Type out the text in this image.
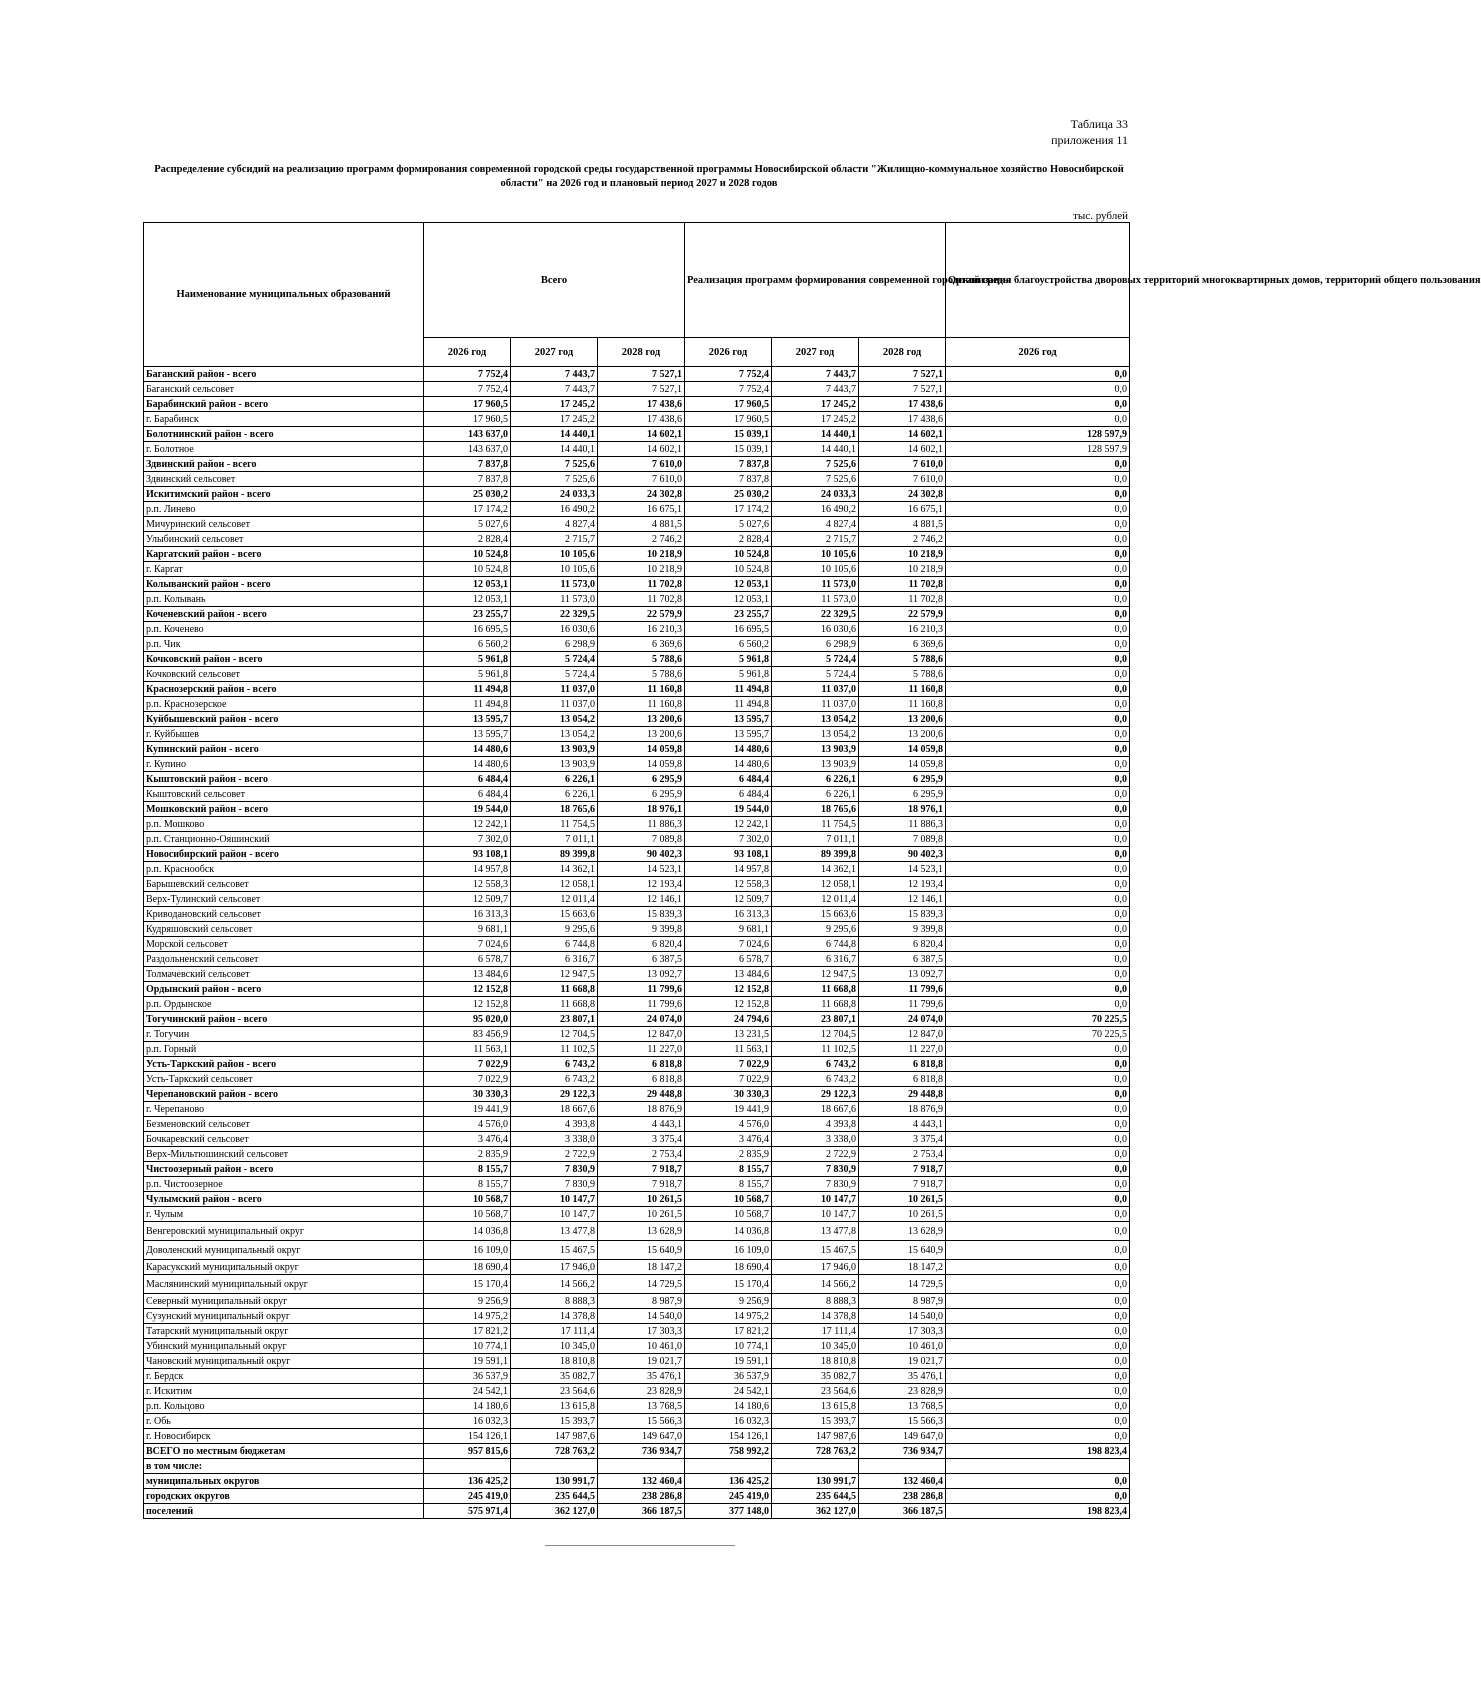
Таблица 33
приложения 11
Распределение субсидий на реализацию программ формирования современной городской среды государственной программы Новосибирской области "Жилищно-коммунальное хозяйство Новосибирской области" на 2026 год и плановый период 2027 и 2028 годов
тыс. рублей
Наименование муниципальных образований	Всего			Реализация программ формирования современной городской среды			Организация благоустройства дворовых территорий многоквартирных домов, территорий общего пользования
	2026 год	2027 год	2028 год	2026 год	2027 год	2028 год	2026 год
Баганский район - всего	7 752,4	7 443,7	7 527,1	7 752,4	7 443,7	7 527,1	0,0
Баганский сельсовет	7 752,4	7 443,7	7 527,1	7 752,4	7 443,7	7 527,1	0,0
Барабинский район - всего	17 960,5	17 245,2	17 438,6	17 960,5	17 245,2	17 438,6	0,0
г. Барабинск	17 960,5	17 245,2	17 438,6	17 960,5	17 245,2	17 438,6	0,0
Болотнинский район - всего	143 637,0	14 440,1	14 602,1	15 039,1	14 440,1	14 602,1	128 597,9
г. Болотное	143 637,0	14 440,1	14 602,1	15 039,1	14 440,1	14 602,1	128 597,9
Здвинский район - всего	7 837,8	7 525,6	7 610,0	7 837,8	7 525,6	7 610,0	0,0
Здвинский сельсовет	7 837,8	7 525,6	7 610,0	7 837,8	7 525,6	7 610,0	0,0
Искитимский район - всего	25 030,2	24 033,3	24 302,8	25 030,2	24 033,3	24 302,8	0,0
р.п. Линево	17 174,2	16 490,2	16 675,1	17 174,2	16 490,2	16 675,1	0,0
Мичуринский сельсовет	5 027,6	4 827,4	4 881,5	5 027,6	4 827,4	4 881,5	0,0
Улыбинский сельсовет	2 828,4	2 715,7	2 746,2	2 828,4	2 715,7	2 746,2	0,0
Каргатский район - всего	10 524,8	10 105,6	10 218,9	10 524,8	10 105,6	10 218,9	0,0
г. Каргат	10 524,8	10 105,6	10 218,9	10 524,8	10 105,6	10 218,9	0,0
Колыванский район - всего	12 053,1	11 573,0	11 702,8	12 053,1	11 573,0	11 702,8	0,0
р.п. Колывань	12 053,1	11 573,0	11 702,8	12 053,1	11 573,0	11 702,8	0,0
Коченевский район - всего	23 255,7	22 329,5	22 579,9	23 255,7	22 329,5	22 579,9	0,0
р.п. Коченево	16 695,5	16 030,6	16 210,3	16 695,5	16 030,6	16 210,3	0,0
р.п. Чик	6 560,2	6 298,9	6 369,6	6 560,2	6 298,9	6 369,6	0,0
Кочковский район - всего	5 961,8	5 724,4	5 788,6	5 961,8	5 724,4	5 788,6	0,0
Кочковский сельсовет	5 961,8	5 724,4	5 788,6	5 961,8	5 724,4	5 788,6	0,0
Краснозерский район - всего	11 494,8	11 037,0	11 160,8	11 494,8	11 037,0	11 160,8	0,0
р.п. Краснозерское	11 494,8	11 037,0	11 160,8	11 494,8	11 037,0	11 160,8	0,0
Куйбышевский район - всего	13 595,7	13 054,2	13 200,6	13 595,7	13 054,2	13 200,6	0,0
г. Куйбышев	13 595,7	13 054,2	13 200,6	13 595,7	13 054,2	13 200,6	0,0
Купинский район - всего	14 480,6	13 903,9	14 059,8	14 480,6	13 903,9	14 059,8	0,0
г. Купино	14 480,6	13 903,9	14 059,8	14 480,6	13 903,9	14 059,8	0,0
Кыштовский район - всего	6 484,4	6 226,1	6 295,9	6 484,4	6 226,1	6 295,9	0,0
Кыштовский сельсовет	6 484,4	6 226,1	6 295,9	6 484,4	6 226,1	6 295,9	0,0
Мошковский район - всего	19 544,0	18 765,6	18 976,1	19 544,0	18 765,6	18 976,1	0,0
р.п. Мошково	12 242,1	11 754,5	11 886,3	12 242,1	11 754,5	11 886,3	0,0
р.п. Станционно-Ояшинский	7 302,0	7 011,1	7 089,8	7 302,0	7 011,1	7 089,8	0,0
Новосибирский район - всего	93 108,1	89 399,8	90 402,3	93 108,1	89 399,8	90 402,3	0,0
р.п. Краснообск	14 957,8	14 362,1	14 523,1	14 957,8	14 362,1	14 523,1	0,0
Барышевский сельсовет	12 558,3	12 058,1	12 193,4	12 558,3	12 058,1	12 193,4	0,0
Верх-Тулинский сельсовет	12 509,7	12 011,4	12 146,1	12 509,7	12 011,4	12 146,1	0,0
Криводановский сельсовет	16 313,3	15 663,6	15 839,3	16 313,3	15 663,6	15 839,3	0,0
Кудряшовский сельсовет	9 681,1	9 295,6	9 399,8	9 681,1	9 295,6	9 399,8	0,0
Морской сельсовет	7 024,6	6 744,8	6 820,4	7 024,6	6 744,8	6 820,4	0,0
Раздольненский сельсовет	6 578,7	6 316,7	6 387,5	6 578,7	6 316,7	6 387,5	0,0
Толмачевский сельсовет	13 484,6	12 947,5	13 092,7	13 484,6	12 947,5	13 092,7	0,0
Ордынский район - всего	12 152,8	11 668,8	11 799,6	12 152,8	11 668,8	11 799,6	0,0
р.п. Ордынское	12 152,8	11 668,8	11 799,6	12 152,8	11 668,8	11 799,6	0,0
Тогучинский район - всего	95 020,0	23 807,1	24 074,0	24 794,6	23 807,1	24 074,0	70 225,5
г. Тогучин	83 456,9	12 704,5	12 847,0	13 231,5	12 704,5	12 847,0	70 225,5
р.п. Горный	11 563,1	11 102,5	11 227,0	11 563,1	11 102,5	11 227,0	0,0
Усть-Таркский район - всего	7 022,9	6 743,2	6 818,8	7 022,9	6 743,2	6 818,8	0,0
Усть-Таркский сельсовет	7 022,9	6 743,2	6 818,8	7 022,9	6 743,2	6 818,8	0,0
Черепановский район - всего	30 330,3	29 122,3	29 448,8	30 330,3	29 122,3	29 448,8	0,0
г. Черепаново	19 441,9	18 667,6	18 876,9	19 441,9	18 667,6	18 876,9	0,0
Безменовский сельсовет	4 576,0	4 393,8	4 443,1	4 576,0	4 393,8	4 443,1	0,0
Бочкаревский сельсовет	3 476,4	3 338,0	3 375,4	3 476,4	3 338,0	3 375,4	0,0
Верх-Мильтюшинский сельсовет	2 835,9	2 722,9	2 753,4	2 835,9	2 722,9	2 753,4	0,0
Чистоозерный район - всего	8 155,7	7 830,9	7 918,7	8 155,7	7 830,9	7 918,7	0,0
р.п. Чистоозерное	8 155,7	7 830,9	7 918,7	8 155,7	7 830,9	7 918,7	0,0
Чулымский район - всего	10 568,7	10 147,7	10 261,5	10 568,7	10 147,7	10 261,5	0,0
г. Чулым	10 568,7	10 147,7	10 261,5	10 568,7	10 147,7	10 261,5	0,0
Венгеровский муниципальный округ	14 036,8	13 477,8	13 628,9	14 036,8	13 477,8	13 628,9	0,0
Доволенский муниципальный округ	16 109,0	15 467,5	15 640,9	16 109,0	15 467,5	15 640,9	0,0
Карасукский муниципальный округ	18 690,4	17 946,0	18 147,2	18 690,4	17 946,0	18 147,2	0,0
Маслянинский муниципальный округ	15 170,4	14 566,2	14 729,5	15 170,4	14 566,2	14 729,5	0,0
Северный муниципальный округ	9 256,9	8 888,3	8 987,9	9 256,9	8 888,3	8 987,9	0,0
Сузунский муниципальный округ	14 975,2	14 378,8	14 540,0	14 975,2	14 378,8	14 540,0	0,0
Татарский муниципальный округ	17 821,2	17 111,4	17 303,3	17 821,2	17 111,4	17 303,3	0,0
Убинский муниципальный округ	10 774,1	10 345,0	10 461,0	10 774,1	10 345,0	10 461,0	0,0
Чановский муниципальный округ	19 591,1	18 810,8	19 021,7	19 591,1	18 810,8	19 021,7	0,0
г. Бердск	36 537,9	35 082,7	35 476,1	36 537,9	35 082,7	35 476,1	0,0
г. Искитим	24 542,1	23 564,6	23 828,9	24 542,1	23 564,6	23 828,9	0,0
р.п. Кольцово	14 180,6	13 615,8	13 768,5	14 180,6	13 615,8	13 768,5	0,0
г. Обь	16 032,3	15 393,7	15 566,3	16 032,3	15 393,7	15 566,3	0,0
г. Новосибирск	154 126,1	147 987,6	149 647,0	154 126,1	147 987,6	149 647,0	0,0
ВСЕГО по местным бюджетам	957 815,6	728 763,2	736 934,7	758 992,2	728 763,2	736 934,7	198 823,4
в том числе:							
муниципальных округов	136 425,2	130 991,7	132 460,4	136 425,2	130 991,7	132 460,4	0,0
городских округов	245 419,0	235 644,5	238 286,8	245 419,0	235 644,5	238 286,8	0,0
поселений	575 971,4	362 127,0	366 187,5	377 148,0	362 127,0	366 187,5	198 823,4
